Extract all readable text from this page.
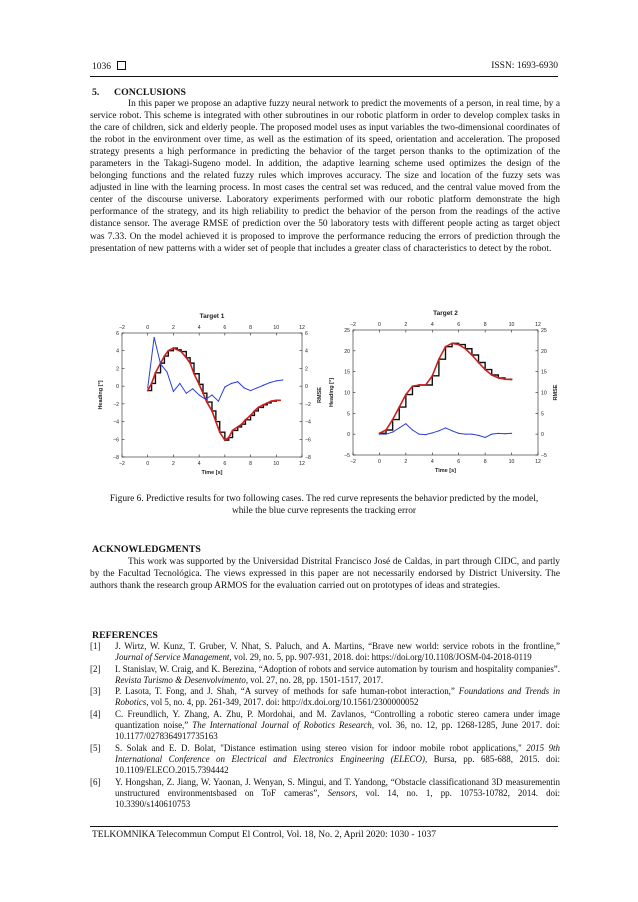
1036	ISSN: 1693-6930
5.      CONCLUSIONS
In this paper we propose an adaptive fuzzy neural network to predict the movements of a person, in real time, by a service robot. This scheme is integrated with other subroutines in our robotic platform in order to develop complex tasks in the care of children, sick and elderly people. The proposed model uses as input variables the two-dimensional coordinates of the robot in the environment over time, as well as the estimation of its speed, orientation and acceleration. The proposed strategy presents a high performance in predicting the behavior of the target person thanks to the optimization of the parameters in the Takagi-Sugeno model. In addition, the adaptive learning scheme used optimizes the design of the belonging functions and the related fuzzy rules which improves accuracy. The size and location of the fuzzy sets was adjusted in line with the learning process. In most cases the central set was reduced, and the central value moved from the center of the discourse universe. Laboratory experiments performed with our robotic platform demonstrate the high performance of the strategy, and its high reliability to predict the behavior of the person from the readings of the active distance sensor. The average RMSE of prediction over the 50 laboratory tests with different people acting as target object was 7.33. On the model achieved it is proposed to improve the performance reducing the errors of prediction through the presentation of new patterns with a wider set of people that includes a greater class of characteristics to detect by the robot.
Target 1
−2
−2
0
0
2
2
4
4
6
6
8
8
10
10
12
12
6	6
4	4
2	2
0	0
−2	−2
−4	−4
−6	−6
−8	−8
Time [s]
Heading [°]	RMSE
Target 2
−2
−2
0
0
2
2
4
4
6
6
8
8
10
10
12
12
25	25
20	20
15	15
10	10
5	5
0	0
−5	−5
Time [s]
Heading [°]	RMSE
Figure 6. Predictive results for two following cases. The red curve represents the behavior predicted by the model, while the blue curve represents the tracking error
ACKNOWLEDGMENTS
This work was supported by the Universidad Distrital Francisco José de Caldas, in part through CIDC, and partly by the Facultad Tecnológica. The views expressed in this paper are not necessarily endorsed by District University. The authors thank the research group ARMOS for the evaluation carried out on prototypes of ideas and strategies.
REFERENCES
[1] J. Wirtz, W. Kunz, T. Gruber, V. Nhat, S. Paluch, and A. Martins, “Brave new world: service robots in the frontline,” Journal of Service Management, vol. 29, no. 5, pp. 907-931, 2018. doi: https://doi.org/10.1108/JOSM-04-2018-0119
[2] I. Stanislav, W. Craig, and K. Berezina, “Adoption of robots and service automation by tourism and hospitality companies”. Revista Turismo & Desenvolvimento, vol. 27, no. 28, pp. 1501-1517, 2017.
[3] P. Lasota, T. Fong, and J. Shah, “A survey of methods for safe human-robot interaction,” Foundations and Trends in Robotics, vol 5, no. 4, pp. 261-349, 2017. doi: http://dx.doi.org/10.1561/2300000052
[4] C. Freundlich, Y. Zhang, A. Zhu, P. Mordohai, and M. Zavlanos, “Controlling a robotic stereo camera under image quantization noise,” The International Journal of Robotics Research, vol. 36, no. 12, pp. 1268-1285, June 2017. doi: 10.1177/0278364917735163
[5] S. Solak and E. D. Bolat, "Distance estimation using stereo vision for indoor mobile robot applications," 2015 9th International Conference on Electrical and Electronics Engineering (ELECO), Bursa, pp. 685-688, 2015. doi: 10.1109/ELECO.2015.7394442
[6] Y. Hongshan, Z. Jiang, W. Yaonan, J. Wenyan, S. Mingui, and T. Yandong, “Obstacle classificationand 3D measurementin unstructured environmentsbased on ToF cameras”, Sensors, vol. 14, no. 1, pp. 10753-10782, 2014. doi: 10.3390/s140610753
TELKOMNIKA Telecommun Comput El Control, Vol. 18, No. 2, April 2020: 1030 - 1037
